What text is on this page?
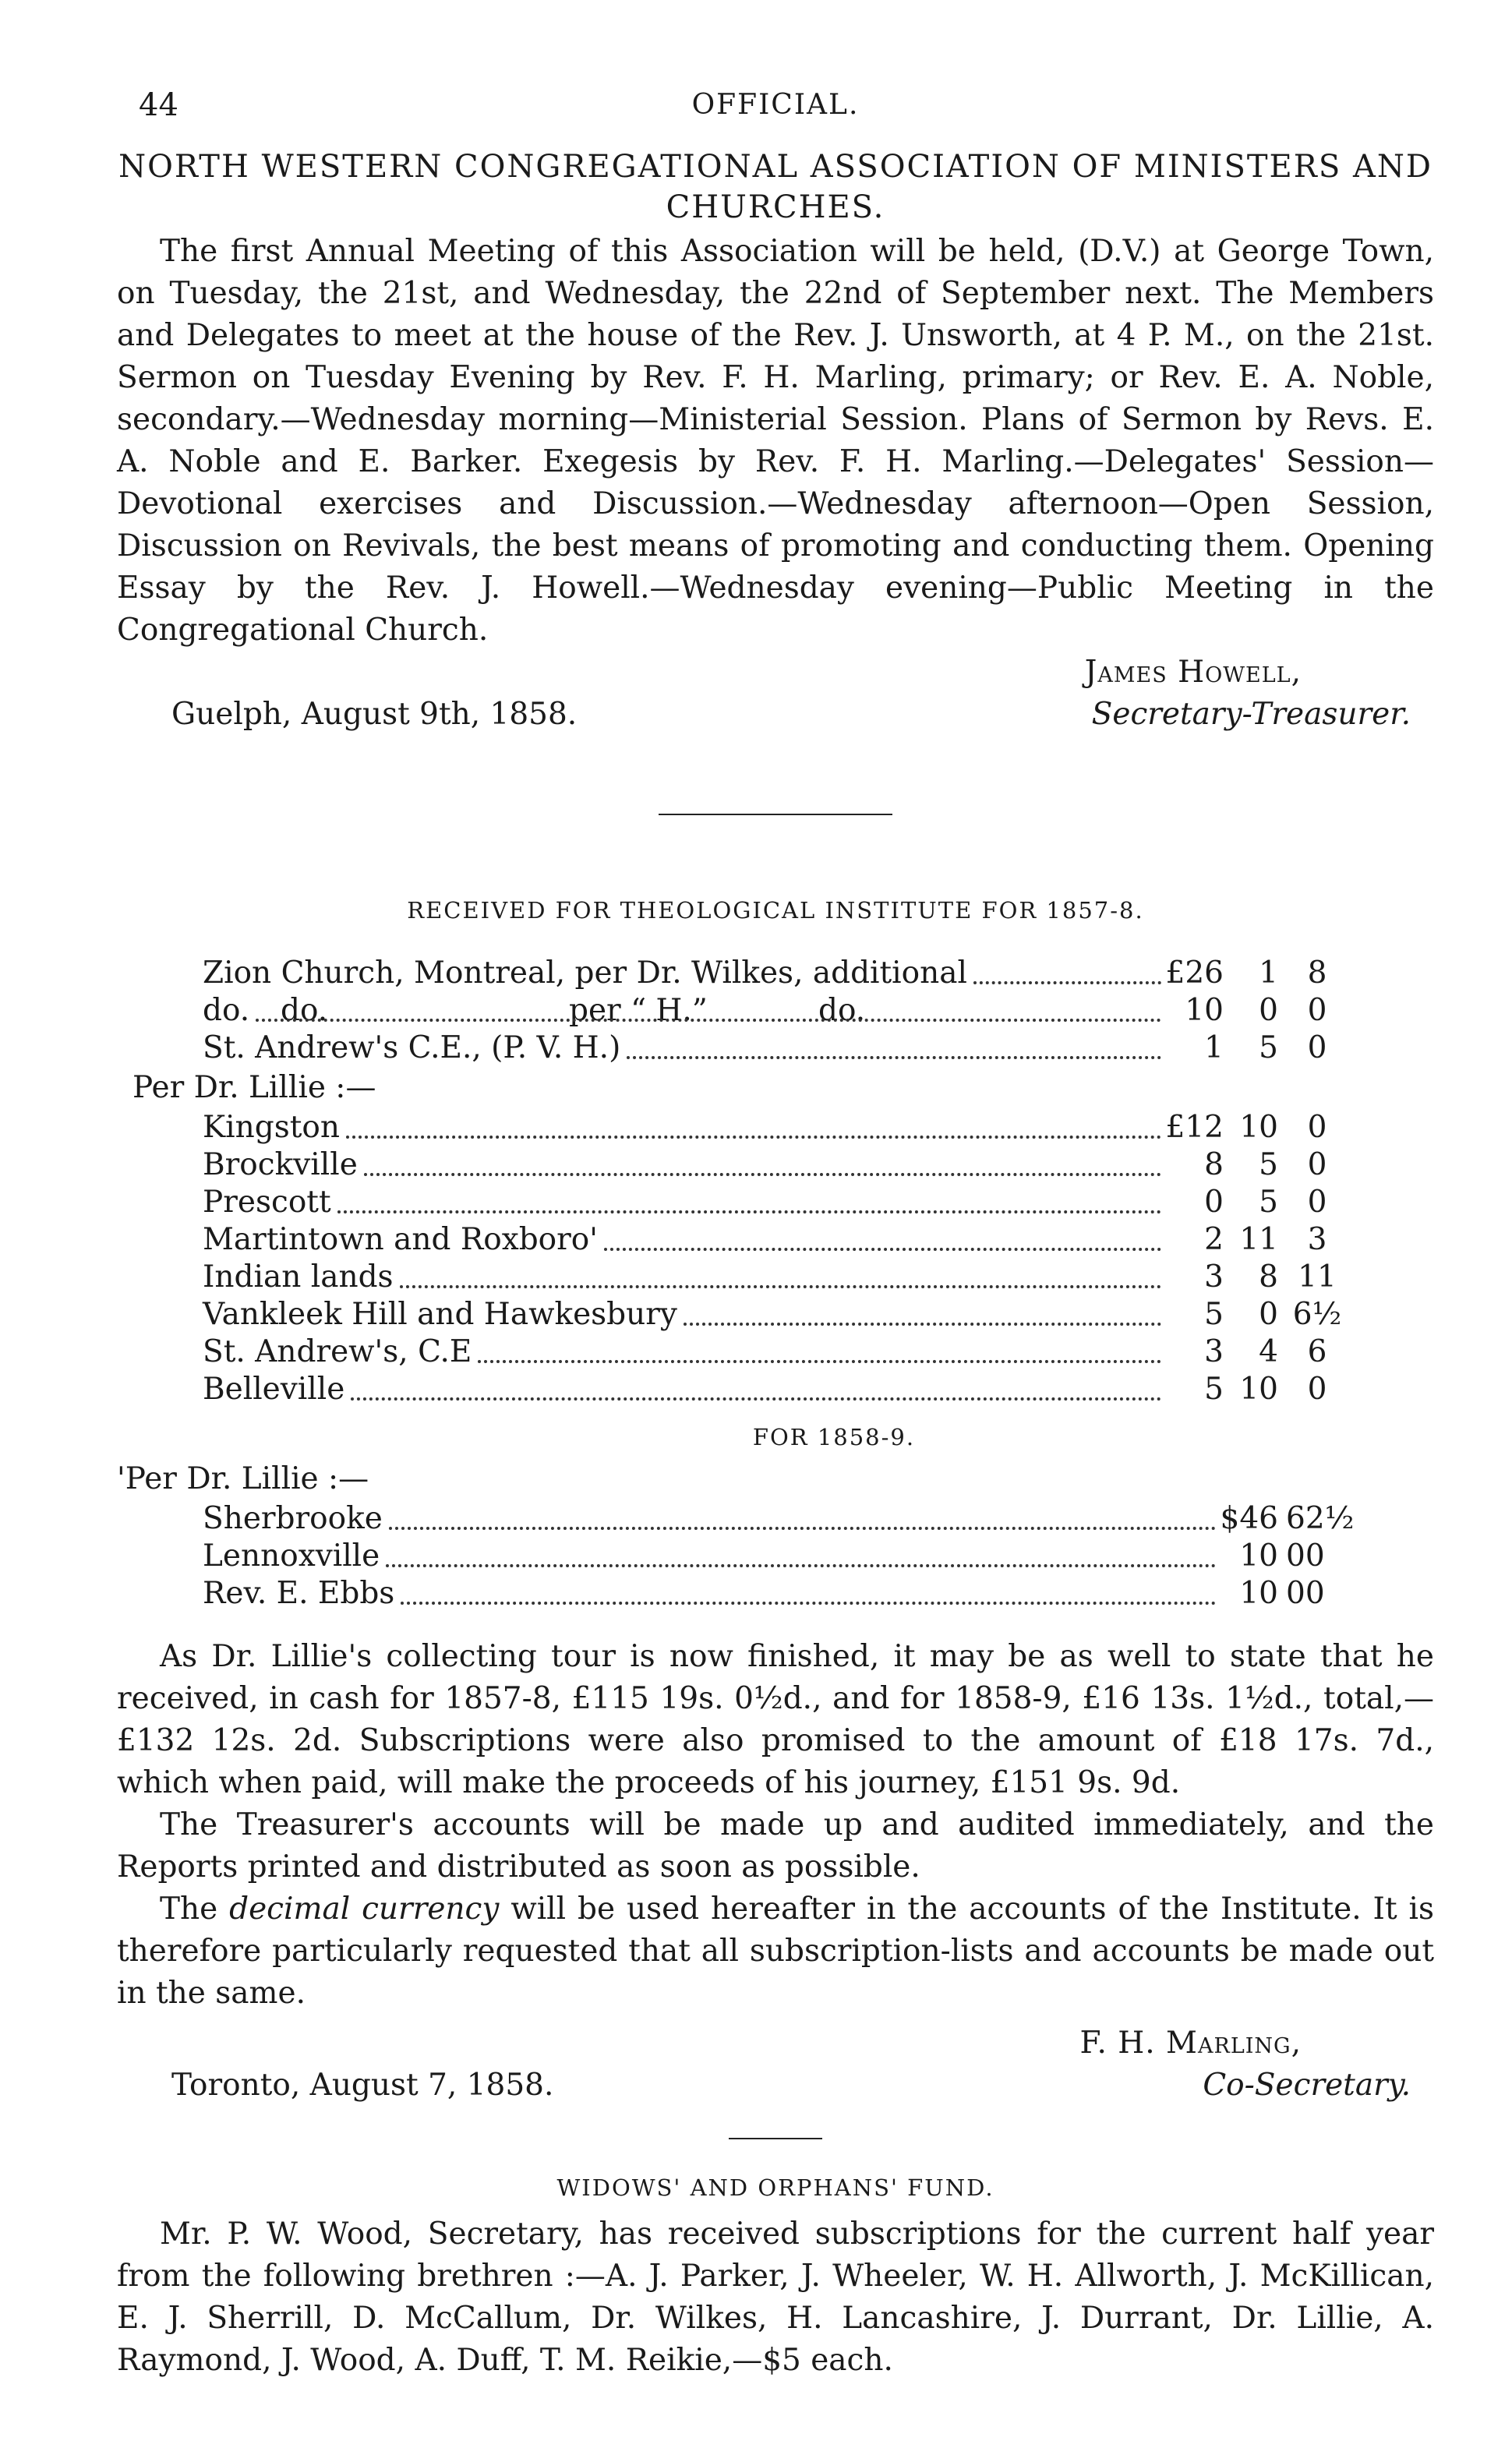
44	OFFICIAL.
NORTH WESTERN CONGREGATIONAL ASSOCIATION OF MINISTERS AND CHURCHES.

The first Annual Meeting of this Association will be held, (D.V.) at George Town, on Tuesday, the 21st, and Wednesday, the 22nd of September next. The Members and Delegates to meet at the house of the Rev. J. Unsworth, at 4 P. M., on the 21st. Sermon on Tuesday Evening by Rev. F. H. Marling, primary; or Rev. E. A. Noble, secondary.—Wednesday morning—Ministerial Session. Plans of Sermon by Revs. E. A. Noble and E. Barker. Exegesis by Rev. F. H. Marling.—Delegates' Session—Devotional exercises and Discussion.—Wednesday afternoon—Open Session, Discussion on Revivals, the best means of promoting and conducting them. Opening Essay by the Rev. J. Howell.—Wednesday evening—Public Meeting in the Congregational Church.

James Howell,
Guelph, August 9th, 1858.	Secretary-Treasurer.
RECEIVED FOR THEOLOGICAL INSTITUTE FOR 1857-8.
Zion Church, Montreal, per Dr. Wilkes, additional	£26	1 8
do. do.	per “ H.”	do.	10	0 0
St. Andrew's C.E., (P. V. H.)	1	5 0
Per Dr. Lillie :—
Kingston	£12 10 0
Brockville	8	5 0
Prescott	0	5 0
Martintown and Roxboro'	2 11 3
Indian lands	3	8 11
Vankleek Hill and Hawkesbury	5	0 6½
St. Andrew's, C.E	3	4 6
Belleville	5 10 0
FOR 1858-9.
'Per Dr. Lillie :—
Sherbrooke	$46 62½
Lennoxville	10 00
Rev. E. Ebbs	10 00

As Dr. Lillie's collecting tour is now finished, it may be as well to state that he received, in cash for 1857-8, £115 19s. 0½d., and for 1858-9, £16 13s. 1½d., total,—£132 12s. 2d. Subscriptions were also promised to the amount of £18 17s. 7d., which when paid, will make the proceeds of his journey, £151 9s. 9d.

The Treasurer's accounts will be made up and audited immediately, and the Reports printed and distributed as soon as possible.

The decimal currency will be used hereafter in the accounts of the Institute. It is therefore particularly requested that all subscription-lists and accounts be made out in the same.

F. H. Marling,
Toronto, August 7, 1858.	Co-Secretary.
WIDOWS' AND ORPHANS' FUND.

Mr. P. W. Wood, Secretary, has received subscriptions for the current half year from the following brethren :—A. J. Parker, J. Wheeler, W. H. Allworth, J. McKillican, E. J. Sherrill, D. McCallum, Dr. Wilkes, H. Lancashire, J. Durrant, Dr. Lillie, A. Raymond, J. Wood, A. Duff, T. M. Reikie,—$5 each.
